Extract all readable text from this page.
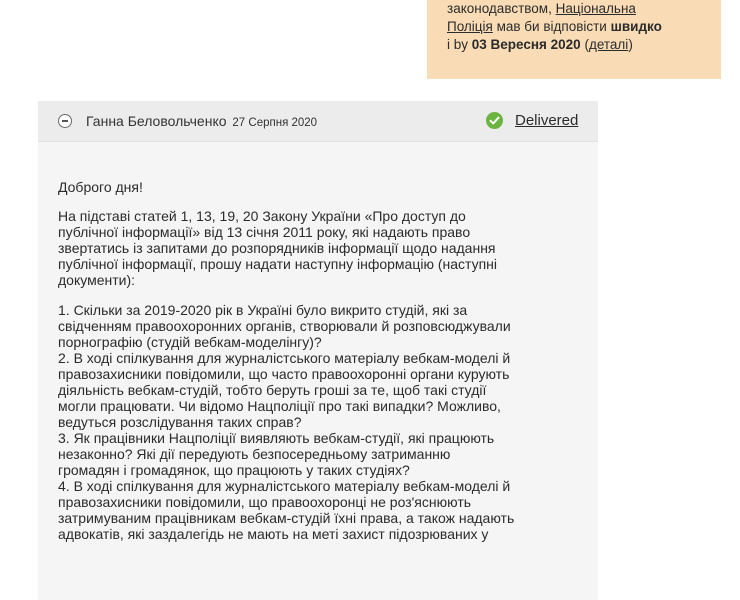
законодавством, Національна
Поліція мав би відповісти швидко
і by 03 Вересня 2020 (деталі)
Ганна Беловольченко 27 Серпня 2020	Delivered

Доброго дня!

На підставі статей 1, 13, 19, 20 Закону України «Про доступ до
публічної інформації» від 13 січня 2011 року, які надають право
звертатись із запитами до розпорядників інформації щодо надання
публічної інформації, прошу надати наступну інформацію (наступні
документи):

1. Скільки за 2019-2020 рік в Україні було викрито студій, які за
свідченням правоохоронних органів, створювали й розповсюджували
порнографію (студій вебкам-моделінгу)?
2. В ході спілкування для журналістського матеріалу вебкам-моделі й
правозахисники повідомили, що часто правоохоронні органи курують
діяльність вебкам-студій, тобто беруть гроші за те, щоб такі студії
могли працювати. Чи відомо Нацполіції про такі випадки? Можливо,
ведуться розслідування таких справ?
3. Як працівники Нацполіції виявляють вебкам-студії, які працюють
незаконно? Які дії передують безпосередньому затриманню
громадян і громадянок, що працюють у таких студіях?
4. В ході спілкування для журналістського матеріалу вебкам-моделі й
правозахисники повідомили, що правоохоронці не роз'яснюють
затримуваним працівникам вебкам-студій їхні права, а також надають
адвокатів, які заздалегідь не мають на меті захист підозрюваних у
